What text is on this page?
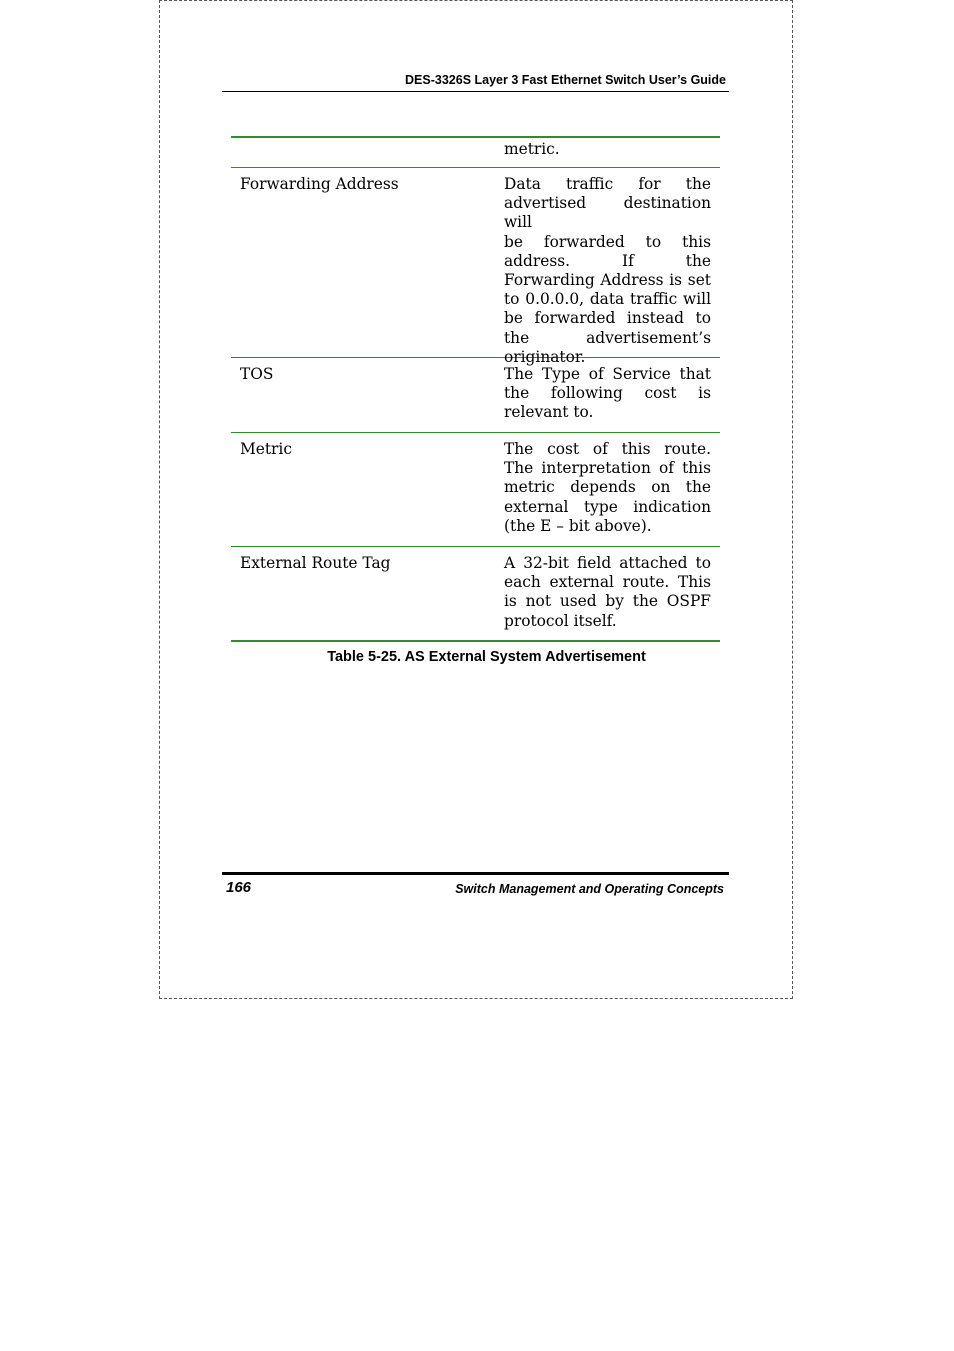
DES-3326S Layer 3 Fast Ethernet Switch User’s Guide
metric.
Forwarding Address	Data traffic for the
advertised destination will
be forwarded to this
address. If the
Forwarding Address is set
to 0.0.0.0, data traffic will
be forwarded instead to
the advertisement’s
originator.
TOS	The Type of Service that
the following cost is
relevant to.
Metric	The cost of this route.
The interpretation of this
metric depends on the
external type indication
(the E – bit above).
External Route Tag	A 32-bit field attached to
each external route. This
is not used by the OSPF
protocol itself.
Table 5-25. AS External System Advertisement
166	Switch Management and Operating Concepts
